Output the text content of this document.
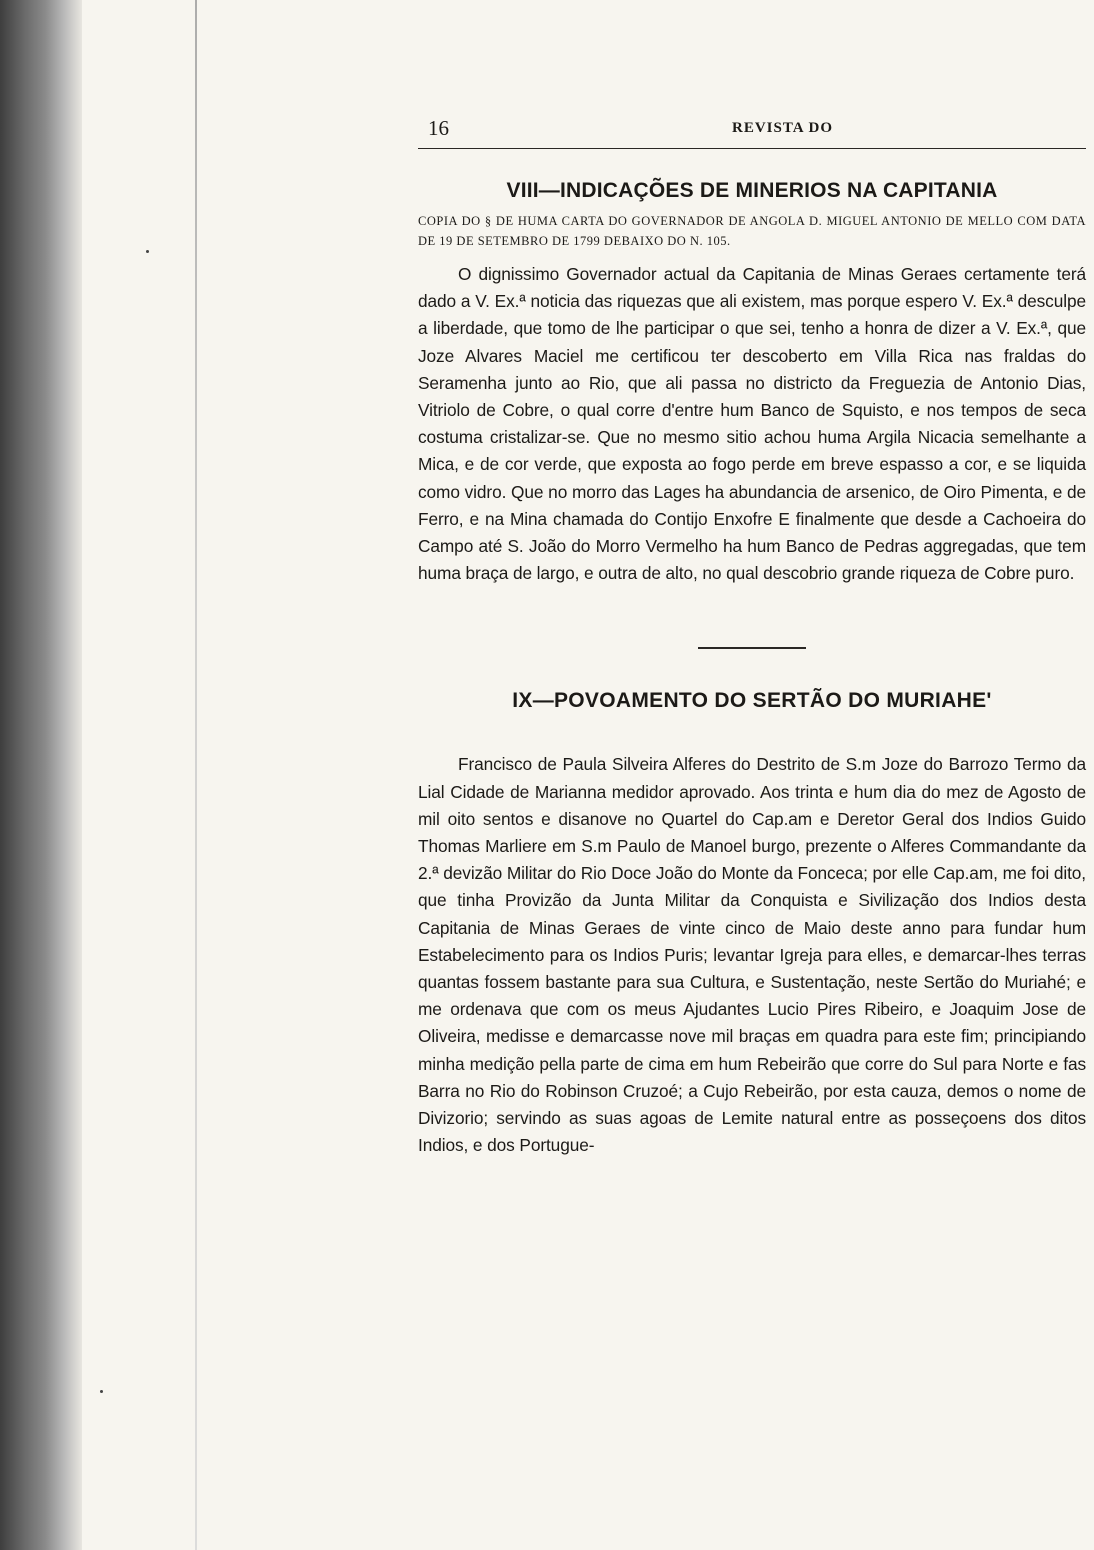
16	REVISTA DO
VIII—INDICAÇÕES DE MINERIOS NA CAPITANIA

COPIA DO § DE HUMA CARTA DO GOVERNADOR DE ANGOLA D. MIGUEL ANTONIO DE MELLO COM DATA DE 19 DE SETEMBRO DE 1799 DEBAIXO DO N. 105.

O dignissimo Governador actual da Capitania de Minas Geraes certamente terá dado a V. Ex.ª noticia das riquezas que ali existem, mas porque espero V. Ex.ª desculpe a liberdade, que tomo de lhe participar o que sei, tenho a honra de dizer a V. Ex.ª, que Joze Alvares Maciel me certificou ter descoberto em Villa Rica nas fraldas do Seramenha junto ao Rio, que ali passa no districto da Freguezia de Antonio Dias, Vitriolo de Cobre, o qual corre d'entre hum Banco de Squisto, e nos tempos de seca costuma cristalizar-se. Que no mesmo sitio achou huma Argila Nicacia semelhante a Mica, e de cor verde, que exposta ao fogo perde em breve espasso a cor, e se liquida como vidro. Que no morro das Lages ha abundancia de arsenico, de Oiro Pimenta, e de Ferro, e na Mina chamada do Contijo Enxofre E finalmente que desde a Cachoeira do Campo até S. João do Morro Vermelho ha hum Banco de Pedras aggregadas, que tem huma braça de largo, e outra de alto, no qual descobrio grande riqueza de Cobre puro.

IX—POVOAMENTO DO SERTÃO DO MURIAHE'

Francisco de Paula Silveira Alferes do Destrito de S.m Joze do Barrozo Termo da Lial Cidade de Marianna medidor aprovado. Aos trinta e hum dia do mez de Agosto de mil oito sentos e disanove no Quartel do Cap.am e Deretor Geral dos Indios Guido Thomas Marliere em S.m Paulo de Manoel burgo, prezente o Alferes Commandante da 2.ª devizão Militar do Rio Doce João do Monte da Fonceca; por elle Cap.am, me foi dito, que tinha Provizão da Junta Militar da Conquista e Sivilização dos Indios desta Capitania de Minas Geraes de vinte cinco de Maio deste anno para fundar hum Estabelecimento para os Indios Puris; levantar Igreja para elles, e demarcar-lhes terras quantas fossem bastante para sua Cultura, e Sustentação, neste Sertão do Muriahé; e me ordenava que com os meus Ajudantes Lucio Pires Ribeiro, e Joaquim Jose de Oliveira, medisse e demarcasse nove mil braças em quadra para este fim; principiando minha medição pella parte de cima em hum Rebeirão que corre do Sul para Norte e fas Barra no Rio do Robinson Cruzoé; a Cujo Rebeirão, por esta cauza, demos o nome de Divizorio; servindo as suas agoas de Lemite natural entre as posseçoens dos ditos Indios, e dos Portugue-
